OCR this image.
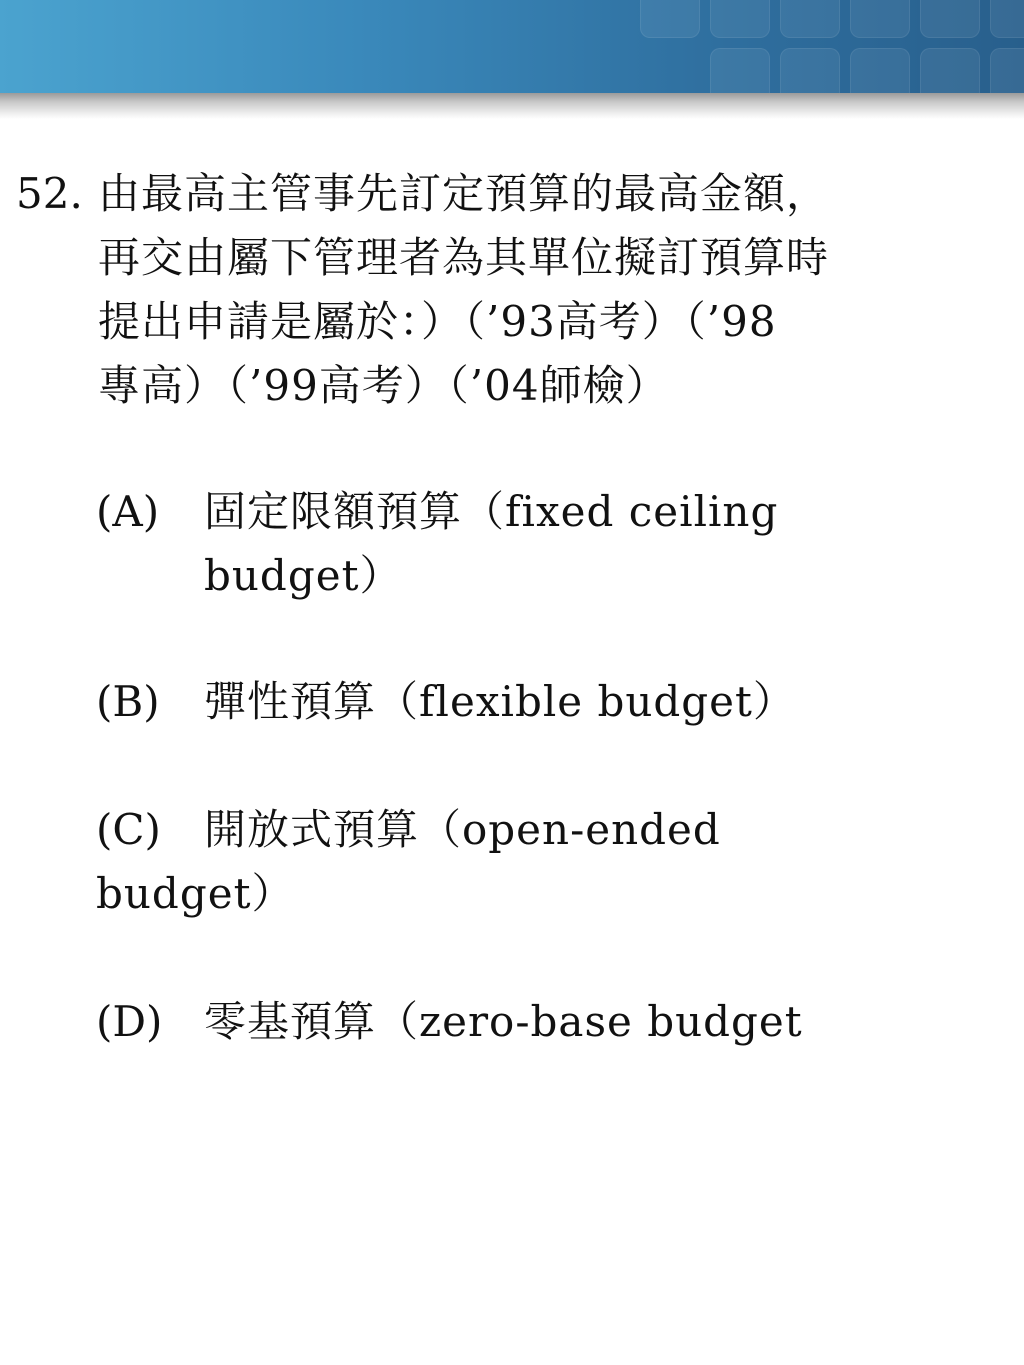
52. 由最高主管事先訂定預算的最高金額，
再交由屬下管理者為其單位擬訂預算時
提出申請是屬於：）（’93高考）（’98
專高）（’99高考）（’04師檢）
(A) 固定限額預算（fixed ceiling
budget）
(B) 彈性預算（flexible budget）
(C) 開放式預算（open-ended
budget）
(D) 零基預算（zero-base budget
